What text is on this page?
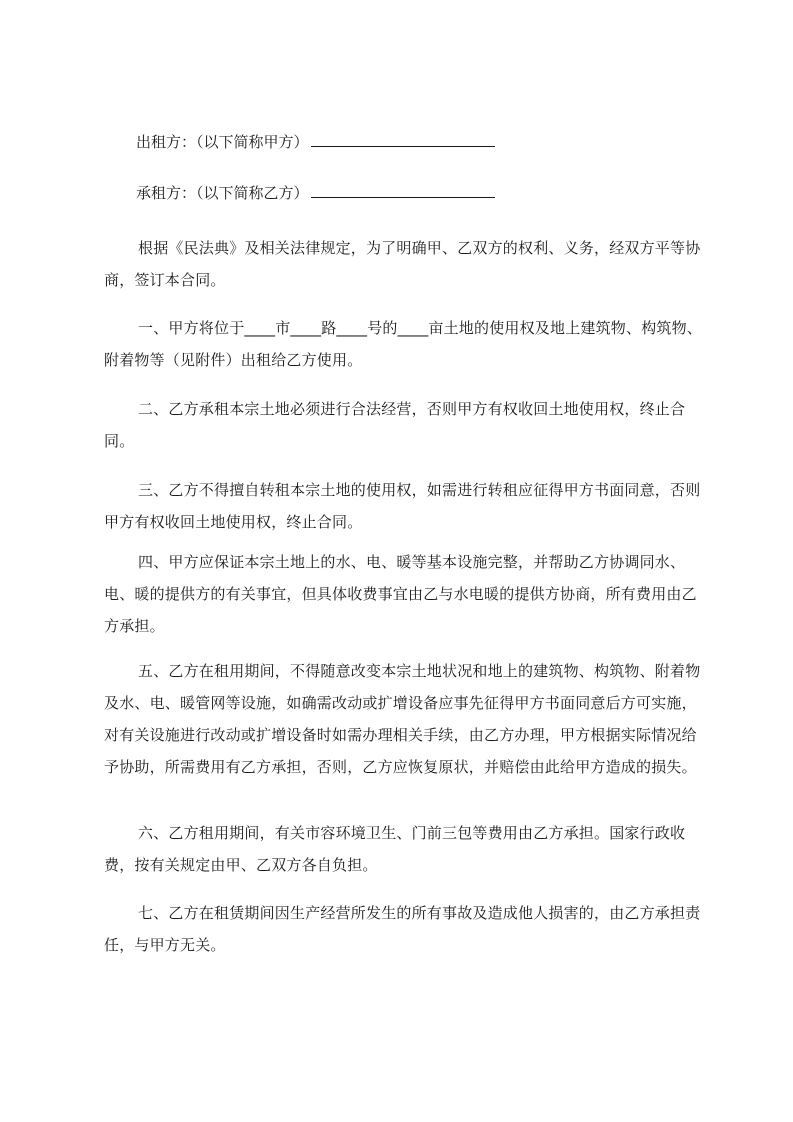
出租方：（以下简称甲方）
承租方：（以下简称乙方）

根据《民法典》及相关法律规定，为了明确甲、乙双方的权利、义务，经双方平等协商，签订本合同。

一、甲方将位于____市____路____号的____亩土地的使用权及地上建筑物、构筑物、附着物等（见附件）出租给乙方使用。

二、乙方承租本宗土地必须进行合法经营，否则甲方有权收回土地使用权，终止合同。

三、乙方不得擅自转租本宗土地的使用权，如需进行转租应征得甲方书面同意，否则甲方有权收回土地使用权，终止合同。

四、甲方应保证本宗土地上的水、电、暖等基本设施完整，并帮助乙方协调同水、电、暖的提供方的有关事宜，但具体收费事宜由乙与水电暖的提供方协商，所有费用由乙方承担。

五、乙方在租用期间，不得随意改变本宗土地状况和地上的建筑物、构筑物、附着物及水、电、暖管网等设施，如确需改动或扩增设备应事先征得甲方书面同意后方可实施，对有关设施进行改动或扩增设备时如需办理相关手续，由乙方办理，甲方根据实际情况给予协助，所需费用有乙方承担，否则，乙方应恢复原状，并赔偿由此给甲方造成的损失。

六、乙方租用期间，有关市容环境卫生、门前三包等费用由乙方承担。国家行政收费，按有关规定由甲、乙双方各自负担。

七、乙方在租赁期间因生产经营所发生的所有事故及造成他人损害的，由乙方承担责任，与甲方无关。
